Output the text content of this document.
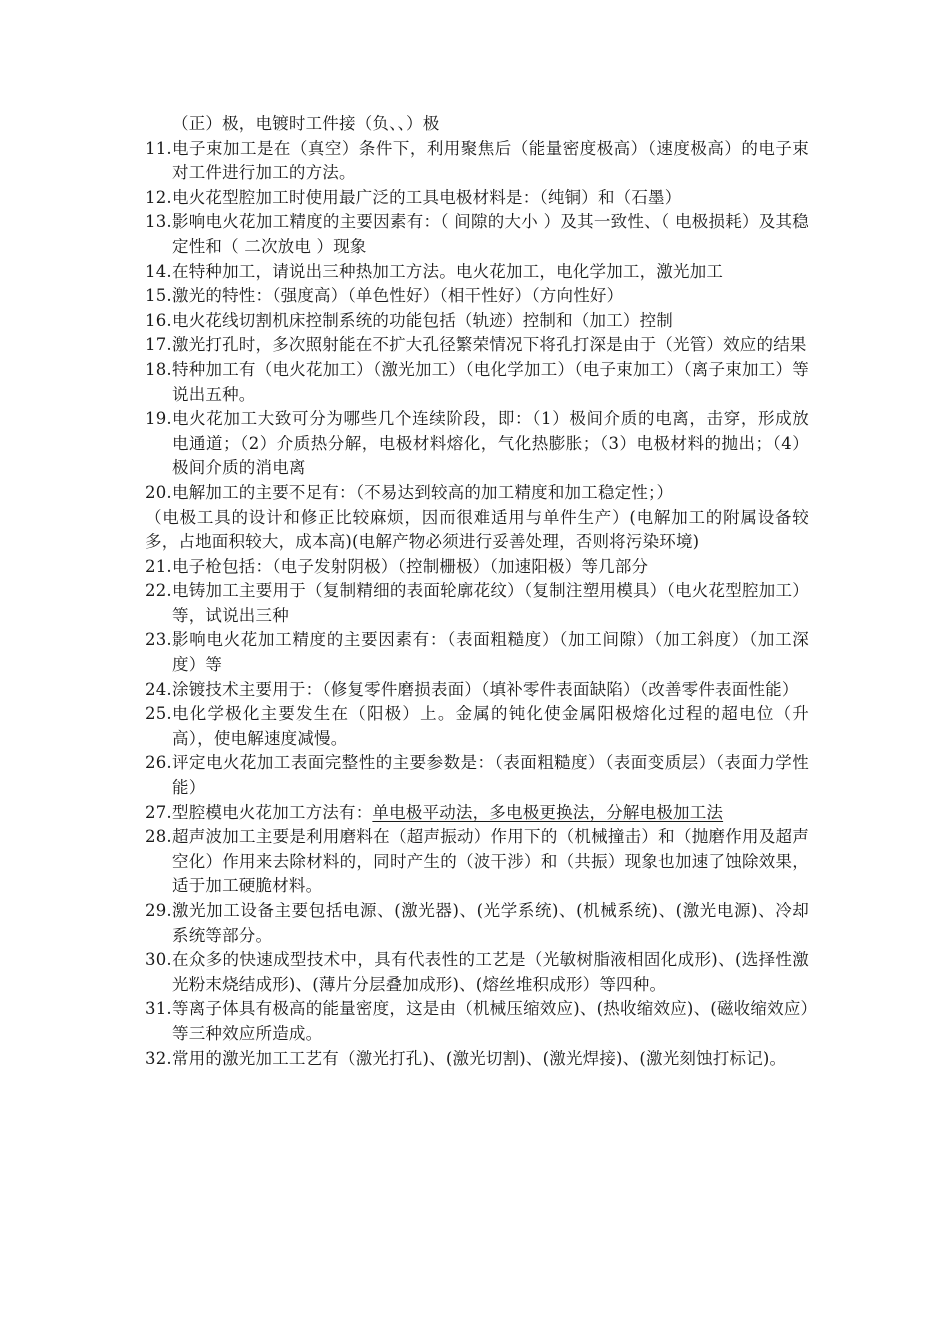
（正）极，电镀时工件接（负、、）极
11. 电子束加工是在（真空）条件下，利用聚焦后（能量密度极高）（速度极高）的电子束对工件进行加工的方法。
12. 电火花型腔加工时使用最广泛的工具电极材料是：（纯铜）和（石墨）
13. 影响电火花加工精度的主要因素有：（ 间隙的大小 ）及其一致性、（ 电极损耗）及其稳定性和（ 二次放电 ）现象
14. 在特种加工，请说出三种热加工方法。电火花加工，电化学加工，激光加工
15. 激光的特性：（强度高）（单色性好）（相干性好）（方向性好）
16. 电火花线切割机床控制系统的功能包括（轨迹）控制和（加工）控制
17. 激光打孔时，多次照射能在不扩大孔径繁荣情况下将孔打深是由于（光管）效应的结果
18. 特种加工有（电火花加工）（激光加工）（电化学加工）（电子束加工）（离子束加工）等说出五种。
19. 电火花加工大致可分为哪些几个连续阶段，即：（1）极间介质的电离，击穿，形成放电通道；（2）介质热分解，电极材料熔化，气化热膨胀；（3）电极材料的抛出；（4）极间介质的消电离
20. 电解加工的主要不足有：（不易达到较高的加工精度和加工稳定性；）
（电极工具的设计和修正比较麻烦，因而很难适用与单件生产）(电解加工的附属设备较多，占地面积较大，成本高)(电解产物必须进行妥善处理，否则将污染环境)
21. 电子枪包括：（电子发射阴极）（控制栅极）（加速阳极）等几部分
22. 电铸加工主要用于（复制精细的表面轮廓花纹）（复制注塑用模具）（电火花型腔加工）等，试说出三种
23. 影响电火花加工精度的主要因素有：（表面粗糙度）（加工间隙）（加工斜度）（加工深度）等
24. 涂镀技术主要用于：（修复零件磨损表面）（填补零件表面缺陷）（改善零件表面性能）
25. 电化学极化主要发生在（阳极）上。金属的钝化使金属阳极熔化过程的超电位（升高），使电解速度减慢。
26. 评定电火花加工表面完整性的主要参数是：（表面粗糙度）（表面变质层）（表面力学性能）
27. 型腔模电火花加工方法有：单电极平动法，多电极更换法，分解电极加工法
28. 超声波加工主要是利用磨料在（超声振动）作用下的（机械撞击）和（抛磨作用及超声空化）作用来去除材料的，同时产生的（波干涉）和（共振）现象也加速了蚀除效果，适于加工硬脆材料。
29. 激光加工设备主要包括电源、(激光器)、(光学系统)、(机械系统)、(激光电源)、冷却系统等部分。
30. 在众多的快速成型技术中，具有代表性的工艺是（光敏树脂液相固化成形)、(选择性激光粉末烧结成形)、(薄片分层叠加成形)、(熔丝堆积成形）等四种。
31. 等离子体具有极高的能量密度，这是由（机械压缩效应)、(热收缩效应)、(磁收缩效应）等三种效应所造成。
32. 常用的激光加工工艺有（激光打孔)、(激光切割)、(激光焊接)、(激光刻蚀打标记)。
